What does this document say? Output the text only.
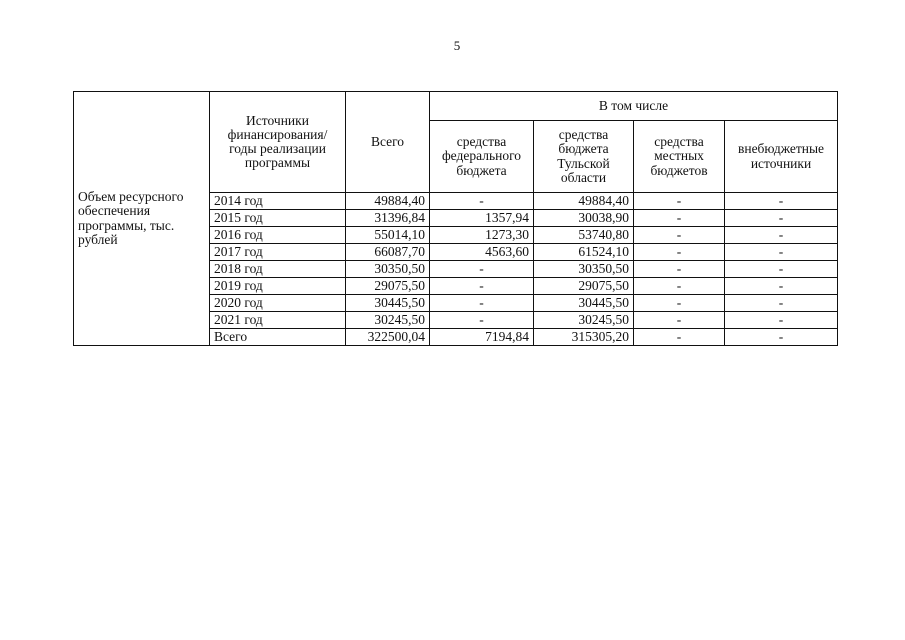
5
Объем ресурсного обеспечения программы, тыс. рублей	Источники финансирования/ годы реализации программы	Всего	В том числе			
			средства федерального бюджета	средства бюджета Тульской области	средства местных бюджетов	внебюджетные источники
	2014 год	49884,40	-	49884,40	-	-
	2015 год	31396,84	1357,94	30038,90	-	-
	2016 год	55014,10	1273,30	53740,80	-	-
	2017 год	66087,70	4563,60	61524,10	-	-
	2018 год	30350,50	-	30350,50	-	-
	2019 год	29075,50	-	29075,50	-	-
	2020 год	30445,50	-	30445,50	-	-
	2021 год	30245,50	-	30245,50	-	-
	Всего	322500,04	7194,84	315305,20	-	-
